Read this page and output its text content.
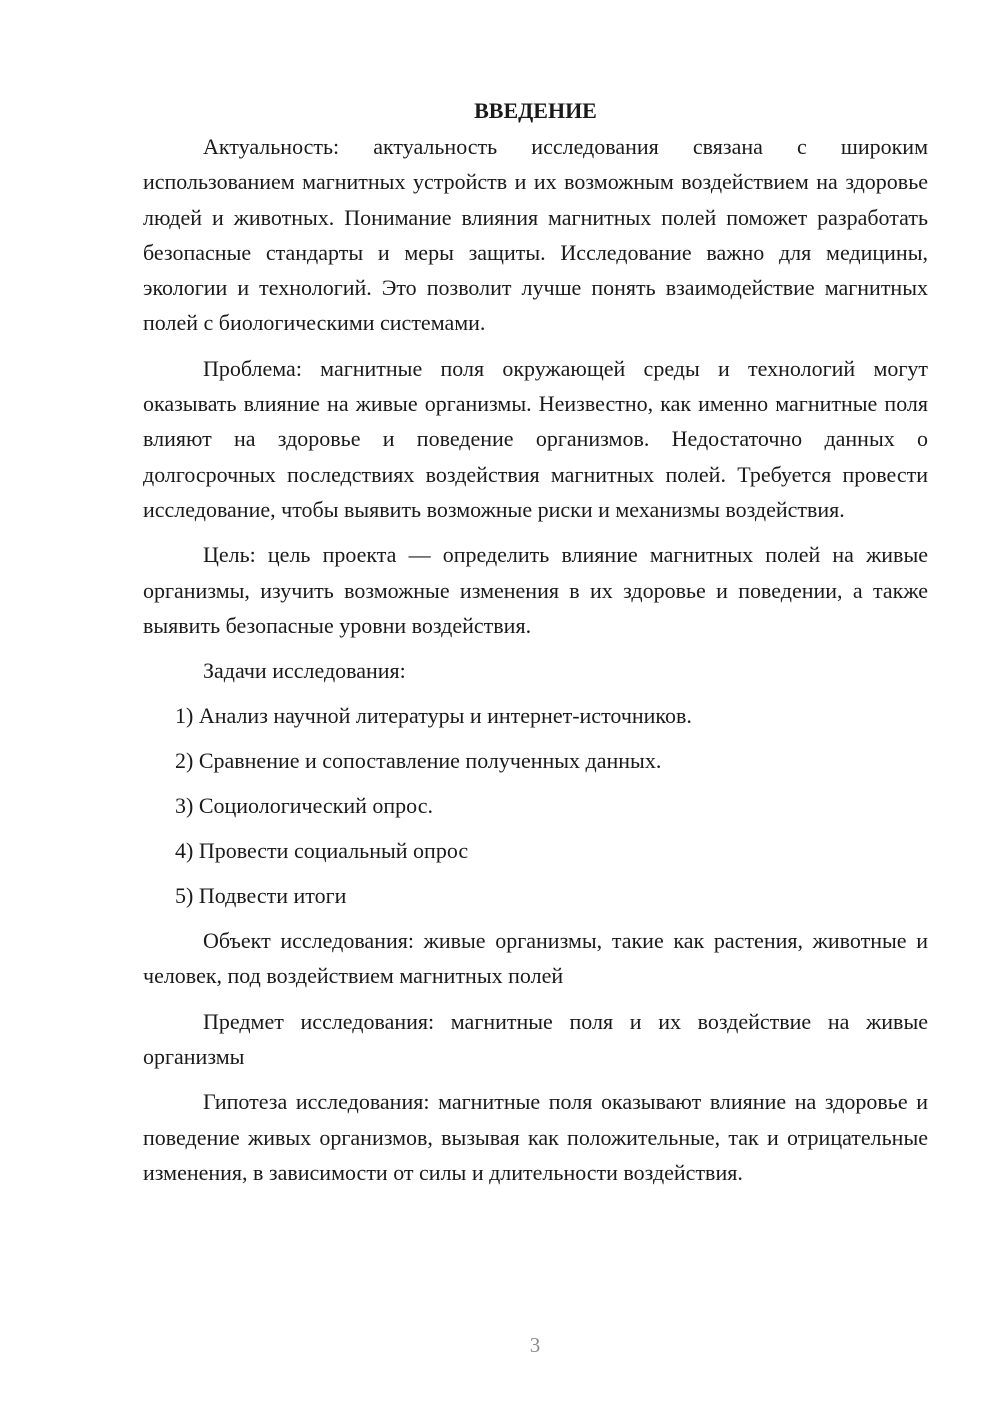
ВВЕДЕНИЕ

Актуальность: актуальность исследования связана с широким использованием магнитных устройств и их возможным воздействием на здоровье людей и животных. Понимание влияния магнитных полей поможет разработать безопасные стандарты и меры защиты. Исследование важно для медицины, экологии и технологий. Это позволит лучше понять взаимодействие магнитных полей с биологическими системами.

Проблема: магнитные поля окружающей среды и технологий могут оказывать влияние на живые организмы. Неизвестно, как именно магнитные поля влияют на здоровье и поведение организмов. Недостаточно данных о долгосрочных последствиях воздействия магнитных полей. Требуется провести исследование, чтобы выявить возможные риски и механизмы воздействия.

Цель: цель проекта — определить влияние магнитных полей на живые организмы, изучить возможные изменения в их здоровье и поведении, а также выявить безопасные уровни воздействия.

Задачи исследования:
1) Анализ научной литературы и интернет-источников.
2) Сравнение и сопоставление полученных данных.
3) Социологический опрос.
4) Провести социальный опрос
5) Подвести итоги

Объект исследования: живые организмы, такие как растения, животные и человек, под воздействием магнитных полей

Предмет исследования: магнитные поля и их воздействие на живые организмы

Гипотеза исследования: магнитные поля оказывают влияние на здоровье и поведение живых организмов, вызывая как положительные, так и отрицательные изменения, в зависимости от силы и длительности воздействия.

3
